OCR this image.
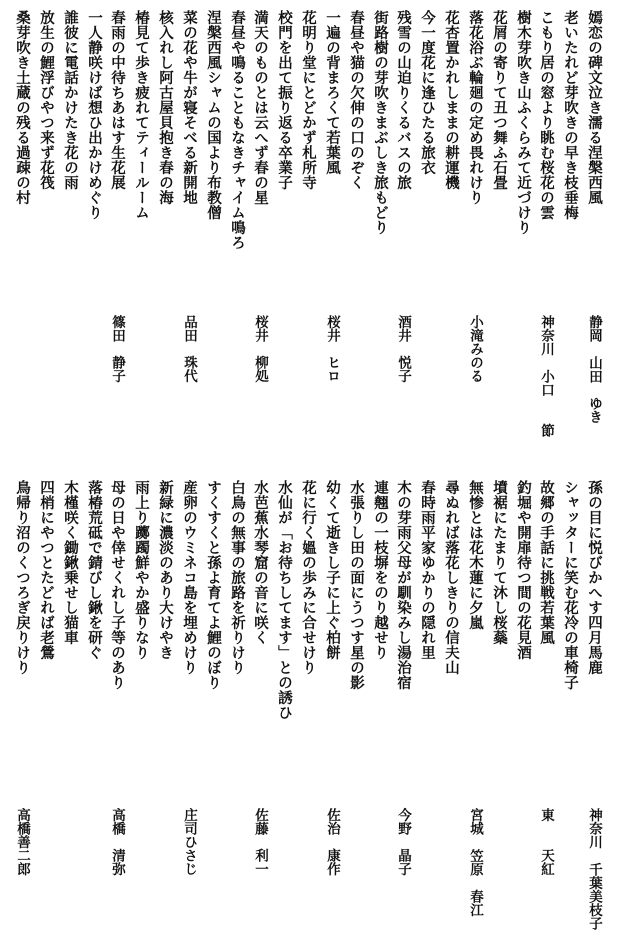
嫣恋の碑文泣き濡る涅槃西風
静岡山田　ゆき
老いたれど芽吹きの早き枝垂梅
こもり居の窓より眺む桜花の雲
神奈川小口　　節
樹木芽吹き山ふくらみて近づけり
花屑の寄りて丑つ舞ふ石畳
落花浴ぶ輪廻の定め畏れけり
小滝みのる
花杏置かれしままの耕運機
今一度花に逢ひたる旅衣
残雪の山迫りくるバスの旅
酒井　悦子
街路樹の芽吹きまぶしき旅もどり
春昼や猫の欠伸の口のぞく
一遍の背まろくて若葉風
桜井　ヒロ
花明り堂にとどかず札所寺
校門を出て振り返る卒業子
満天のものとは云へず春の星
桜井　柳処
春昼や鳴ることもなきチャイム鳴ろ
涅槃西風シャムの国より布教僧
菜の花や牛が寝そべる新開地
品田　珠代
核入れし阿古屋貝抱き春の海
椿見て歩き疲れてティールーム
春雨の中待ちあはす生花展
篠田　静子
一人静咲けば想ひ出かけめぐり
誰彼に電話かけたき花の雨
放生の鯉浮びやつ来ず花筏
桑芽吹き土蔵の残る過疎の村
孫の目に悦びかへす四月馬鹿
神奈川千葉美枝子
シャッターに笑む花冷の車椅子
故郷の手話に挑戦若葉風
東　　天紅
釣堀や開扉待つ間の花見酒
墳裾にたまりて沐し桜蘂
無惨とは花木蓮に夕嵐
宮城笠原　春江
尋ぬれば落花しきりの信夫山
春時雨平家ゆかりの隠れ里
木の芽雨父母が馴染みし湯治宿
今野　晶子
連翹の一枝塀をのり越せり
水張りし田の面にうつす星の影
幼くて逝きし子に上ぐ柏餅
佐治　康作
花に行く媼の歩みに合せけり
水仙が「お待ちしてます」との誘ひ
水芭蕉水琴窟の音に咲く
佐藤　利一
白鳥の無事の旅路を祈りけり
すくすくと孫よ育てよ鯉のぼり
産卵のウミネコ島を埋めけり
庄司ひさじ
新緑に濃淡のあり大けやき
雨上り躑躅鮮やか盛りなり
母の日や倖せくれし子等のあり
高橋　清弥
落椿荒砥で錆びし鍬を研ぐ
木槿咲く鋤鍬乗せし猫車
四梢にやつとたどれば老鶯
鳥帰り沼のくつろぎ戻りけり
高橋善二郎
